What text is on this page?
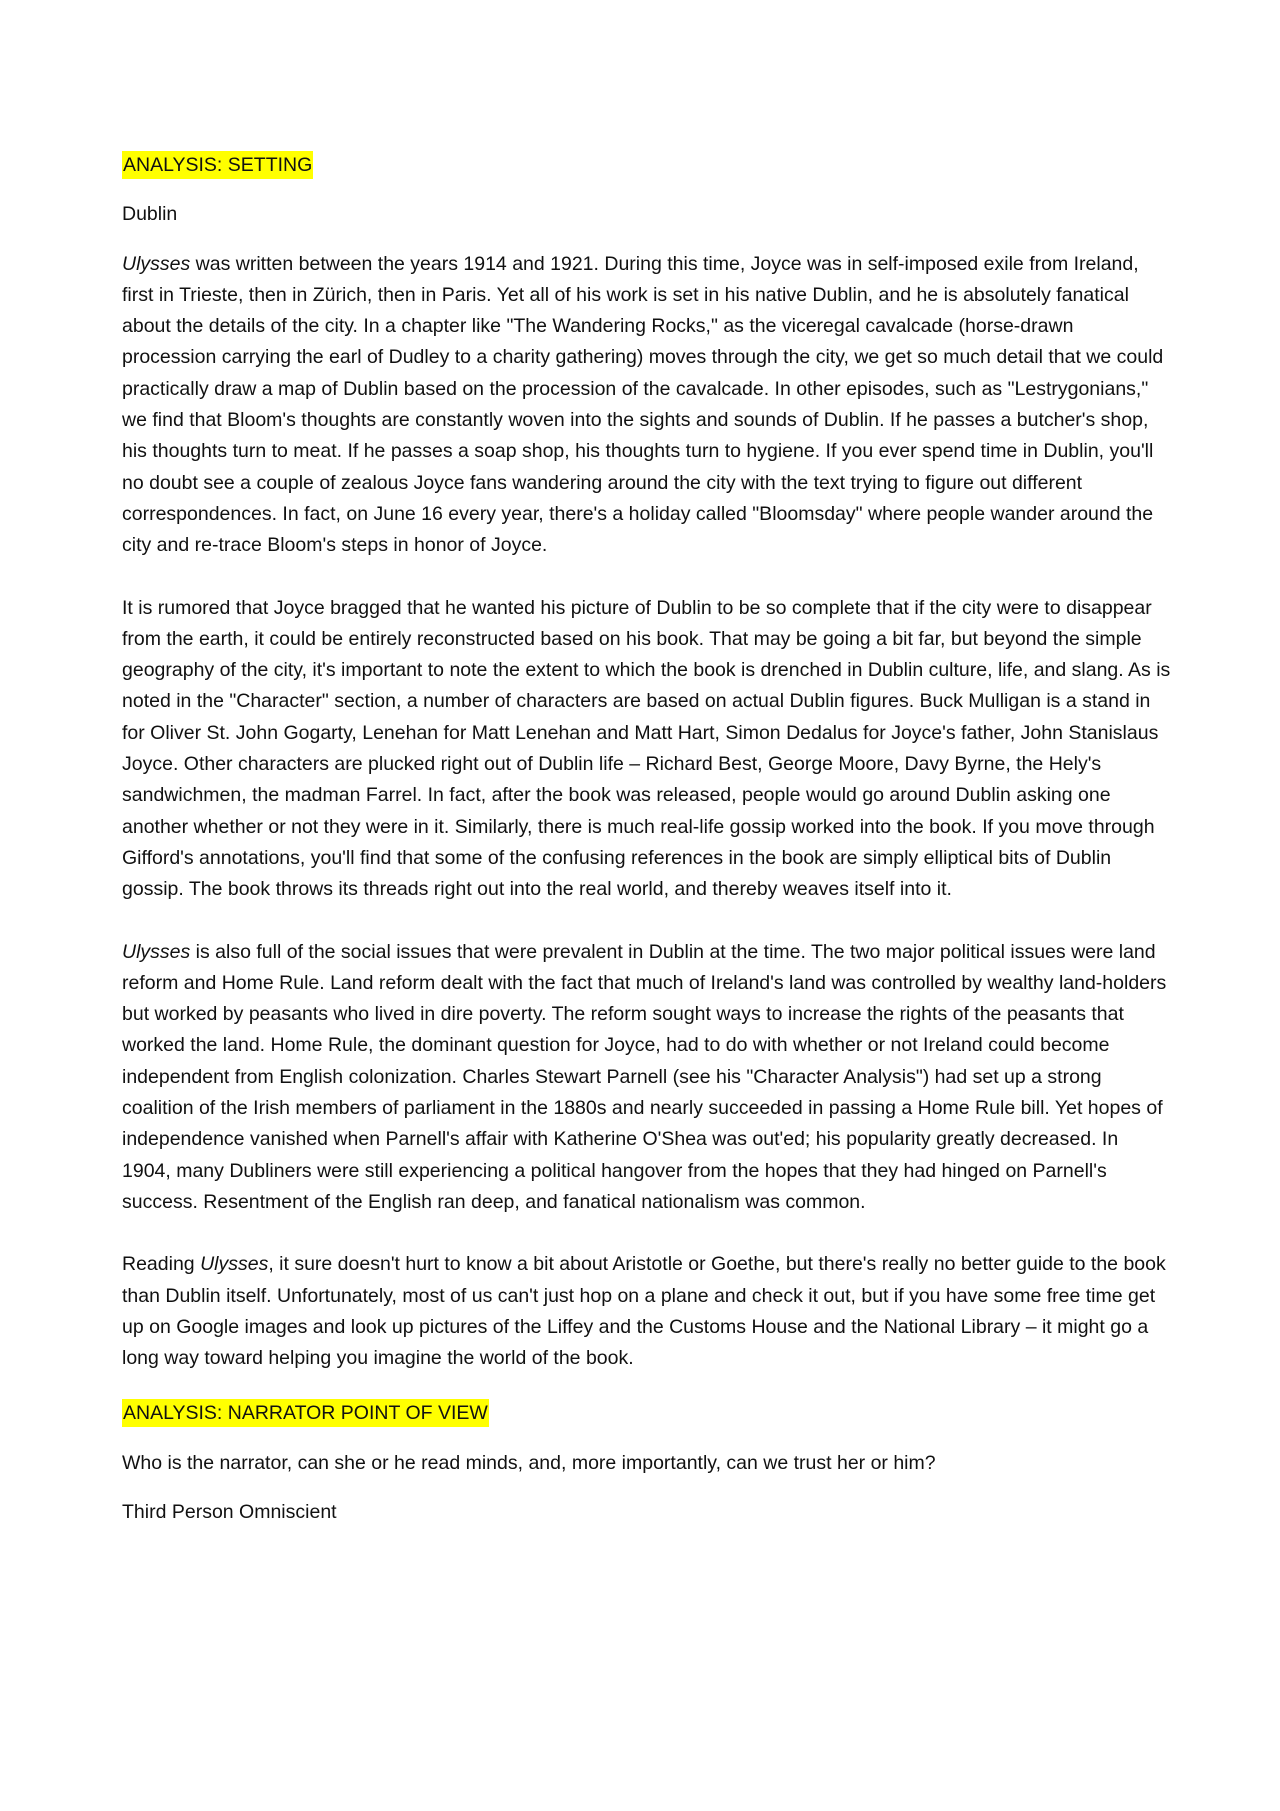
ANALYSIS: SETTING

Dublin

Ulysses was written between the years 1914 and 1921. During this time, Joyce was in self-imposed exile from Ireland, first in Trieste, then in Zürich, then in Paris. Yet all of his work is set in his native Dublin, and he is absolutely fanatical about the details of the city. In a chapter like "The Wandering Rocks," as the viceregal cavalcade (horse-drawn procession carrying the earl of Dudley to a charity gathering) moves through the city, we get so much detail that we could practically draw a map of Dublin based on the procession of the cavalcade. In other episodes, such as "Lestrygonians," we find that Bloom's thoughts are constantly woven into the sights and sounds of Dublin. If he passes a butcher's shop, his thoughts turn to meat. If he passes a soap shop, his thoughts turn to hygiene. If you ever spend time in Dublin, you'll no doubt see a couple of zealous Joyce fans wandering around the city with the text trying to figure out different correspondences. In fact, on June 16 every year, there's a holiday called "Bloomsday" where people wander around the city and re-trace Bloom's steps in honor of Joyce.

It is rumored that Joyce bragged that he wanted his picture of Dublin to be so complete that if the city were to disappear from the earth, it could be entirely reconstructed based on his book. That may be going a bit far, but beyond the simple geography of the city, it's important to note the extent to which the book is drenched in Dublin culture, life, and slang. As is noted in the "Character" section, a number of characters are based on actual Dublin figures. Buck Mulligan is a stand in for Oliver St. John Gogarty, Lenehan for Matt Lenehan and Matt Hart, Simon Dedalus for Joyce's father, John Stanislaus Joyce. Other characters are plucked right out of Dublin life – Richard Best, George Moore, Davy Byrne, the Hely's sandwichmen, the madman Farrel. In fact, after the book was released, people would go around Dublin asking one another whether or not they were in it. Similarly, there is much real-life gossip worked into the book. If you move through Gifford's annotations, you'll find that some of the confusing references in the book are simply elliptical bits of Dublin gossip. The book throws its threads right out into the real world, and thereby weaves itself into it.

Ulysses is also full of the social issues that were prevalent in Dublin at the time. The two major political issues were land reform and Home Rule. Land reform dealt with the fact that much of Ireland's land was controlled by wealthy land-holders but worked by peasants who lived in dire poverty. The reform sought ways to increase the rights of the peasants that worked the land. Home Rule, the dominant question for Joyce, had to do with whether or not Ireland could become independent from English colonization. Charles Stewart Parnell (see his "Character Analysis") had set up a strong coalition of the Irish members of parliament in the 1880s and nearly succeeded in passing a Home Rule bill. Yet hopes of independence vanished when Parnell's affair with Katherine O'Shea was out'ed; his popularity greatly decreased. In 1904, many Dubliners were still experiencing a political hangover from the hopes that they had hinged on Parnell's success. Resentment of the English ran deep, and fanatical nationalism was common.

Reading Ulysses, it sure doesn't hurt to know a bit about Aristotle or Goethe, but there's really no better guide to the book than Dublin itself. Unfortunately, most of us can't just hop on a plane and check it out, but if you have some free time get up on Google images and look up pictures of the Liffey and the Customs House and the National Library – it might go a long way toward helping you imagine the world of the book.

ANALYSIS: NARRATOR POINT OF VIEW

Who is the narrator, can she or he read minds, and, more importantly, can we trust her or him?

Third Person Omniscient
